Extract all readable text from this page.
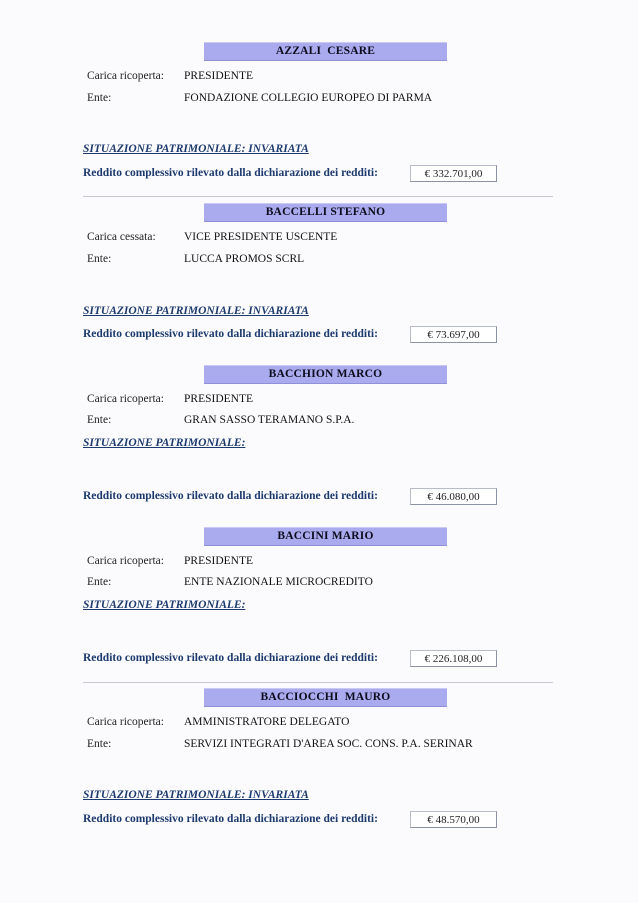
AZZALI  CESARE
Carica ricoperta: PRESIDENTE
Ente:	FONDAZIONE COLLEGIO EUROPEO DI PARMA
SITUAZIONE PATRIMONIALE: INVARIATA
Reddito complessivo rilevato dalla dichiarazione dei redditi:	€ 332.701,00
BACCELLI STEFANO
Carica cessata: VICE PRESIDENTE USCENTE
Ente:	LUCCA PROMOS SCRL
SITUAZIONE PATRIMONIALE: INVARIATA
Reddito complessivo rilevato dalla dichiarazione dei redditi:	€ 73.697,00
BACCHION MARCO
Carica ricoperta: PRESIDENTE
Ente:	GRAN SASSO TERAMANO S.P.A.
SITUAZIONE PATRIMONIALE:
Reddito complessivo rilevato dalla dichiarazione dei redditi:	€ 46.080,00
BACCINI MARIO
Carica ricoperta: PRESIDENTE
Ente:	ENTE NAZIONALE MICROCREDITO
SITUAZIONE PATRIMONIALE:
Reddito complessivo rilevato dalla dichiarazione dei redditi:	€ 226.108,00
BACCIOCCHI  MAURO
Carica ricoperta: AMMINISTRATORE DELEGATO
Ente:	SERVIZI INTEGRATI D'AREA SOC. CONS. P.A. SERINAR
SITUAZIONE PATRIMONIALE: INVARIATA
Reddito complessivo rilevato dalla dichiarazione dei redditi:	€ 48.570,00
